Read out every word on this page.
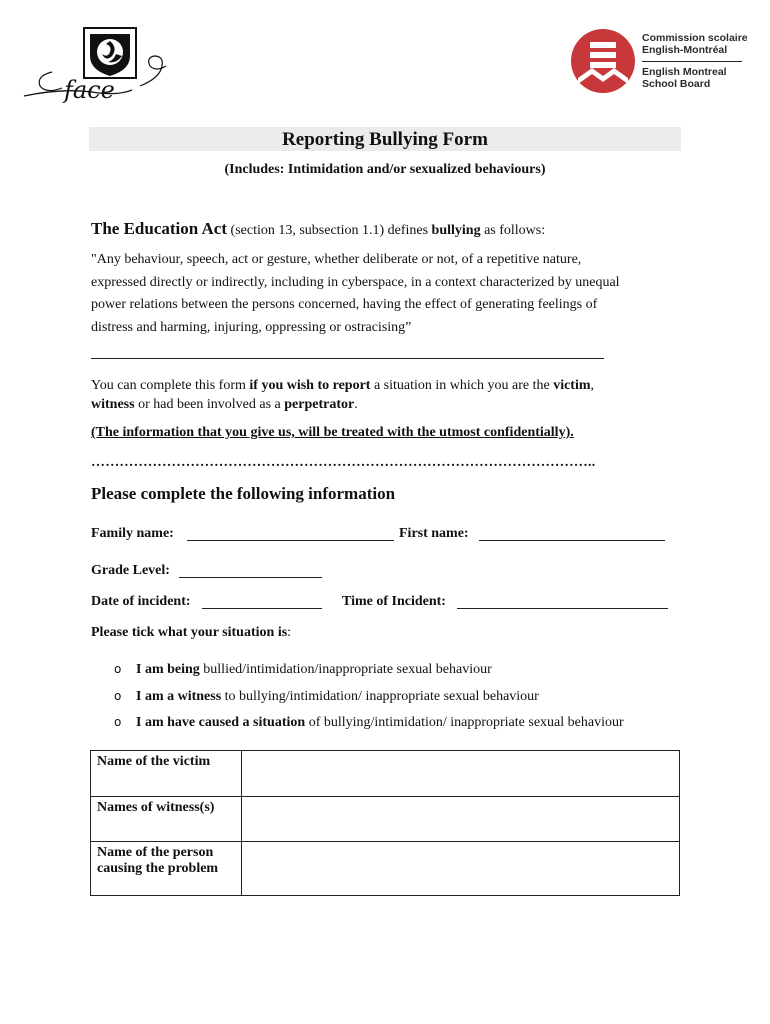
face
Commission scolaire
English-Montréal
English Montreal
School Board
Reporting Bullying Form
(Includes: Intimidation and/or sexualized behaviours)
The Education Act (section 13, subsection 1.1) defines bullying as follows:
"Any behaviour, speech, act or gesture, whether deliberate or not, of a repetitive nature,
expressed directly or indirectly, including in cyberspace, in a context characterized by unequal
power relations between the persons concerned, having the effect of generating feelings of
distress and harming, injuring, oppressing or ostracising”
You can complete this form if you wish to report a situation in which you are the victim,
witness or had been involved as a perpetrator.
(The information that you give us, will be treated with the utmost confidentially).
……………………………………………………………………………………………..
Please complete the following information
Family name:	First name:
Grade Level:
Date of incident:	Time of Incident:
Please tick what your situation is:
o I am being bullied/intimidation/inappropriate sexual behaviour
o I am a witness to bullying/intimidation/ inappropriate sexual behaviour
o I am have caused a situation of bullying/intimidation/ inappropriate sexual behaviour
Name of the victim	
Names of witness(s)	

Name of the person
causing the problem	
